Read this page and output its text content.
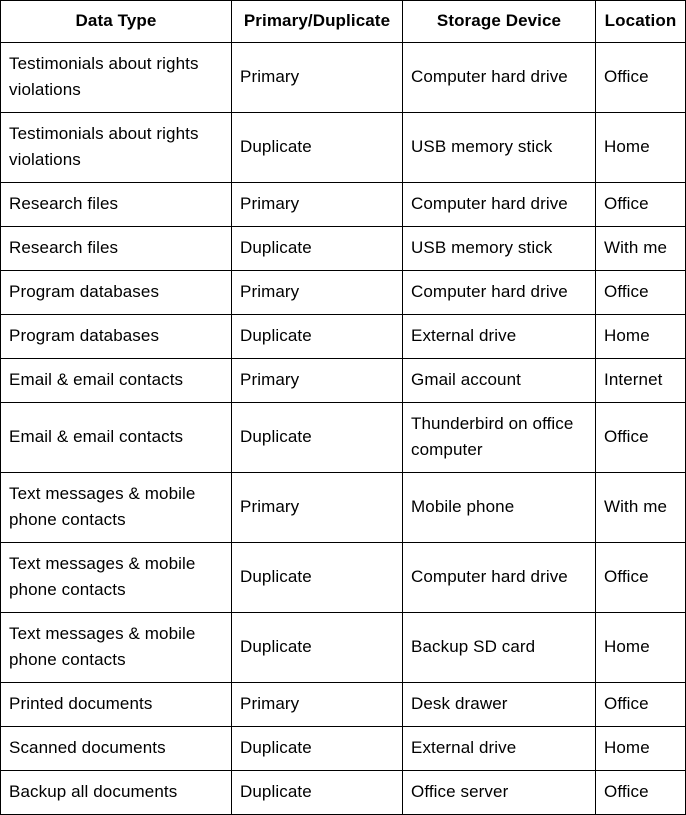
Data Type	Primary/Duplicate	Storage Device	Location
Testimonials about rights violations	Primary	Computer hard drive	Office
Testimonials about rights violations	Duplicate	USB memory stick	Home
Research files	Primary	Computer hard drive	Office
Research files	Duplicate	USB memory stick	With me
Program databases	Primary	Computer hard drive	Office
Program databases	Duplicate	External drive	Home
Email & email contacts	Primary	Gmail account	Internet
Email & email contacts	Duplicate	Thunderbird on office computer	Office
Text messages & mobile phone contacts	Primary	Mobile phone	With me
Text messages & mobile phone contacts	Duplicate	Computer hard drive	Office
Text messages & mobile phone contacts	Duplicate	Backup SD card	Home
Printed documents	Primary	Desk drawer	Office
Scanned documents	Duplicate	External drive	Home
Backup all documents	Duplicate	Office server	Office
